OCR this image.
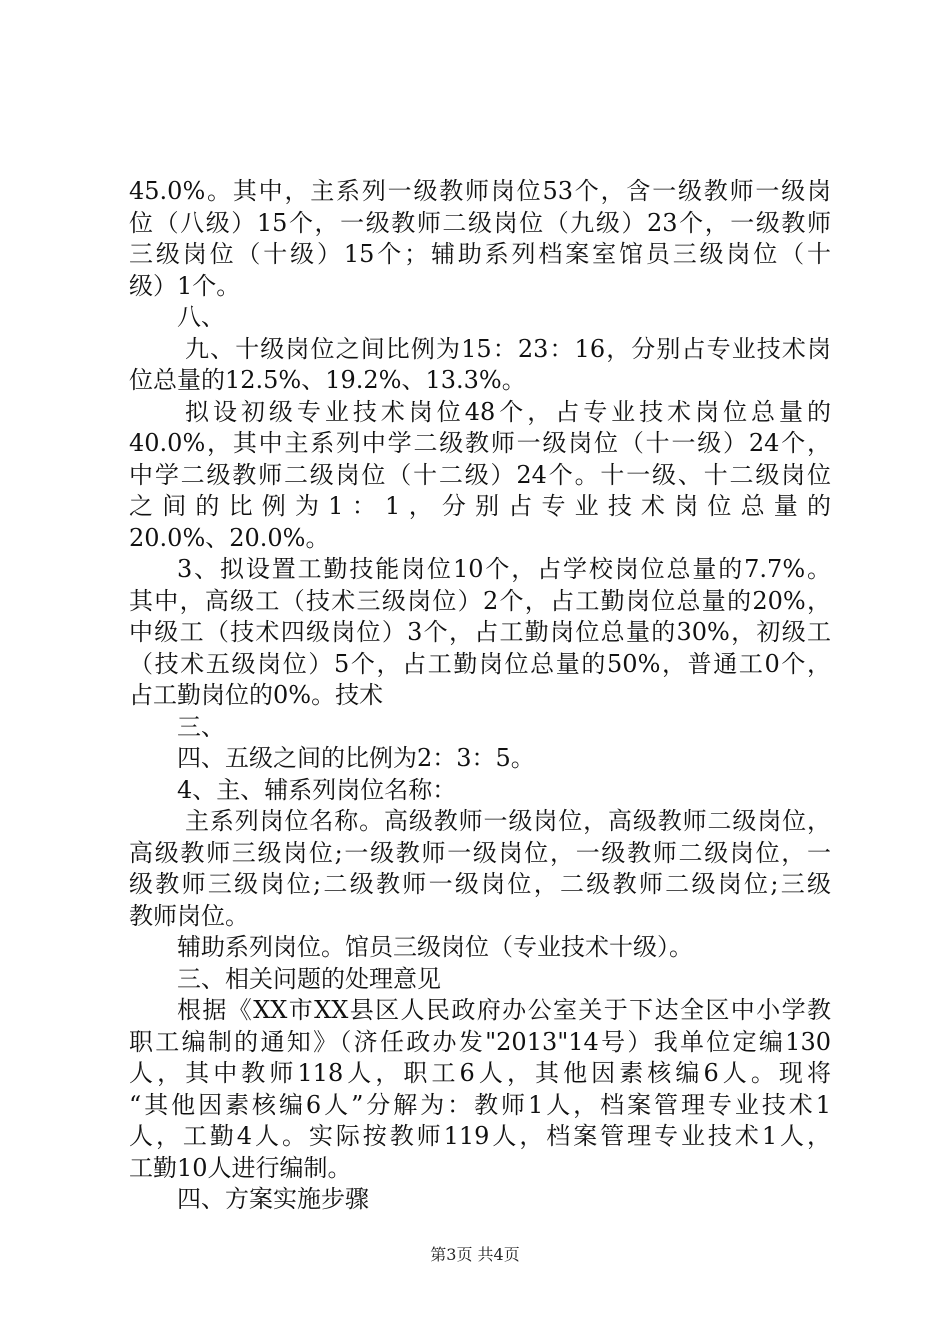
45.0%。其中，主系列一级教师岗位53个，含一级教师一级岗
位（八级）15个，一级教师二级岗位（九级）23个，一级教师
三级岗位（十级）15个；辅助系列档案室馆员三级岗位（十
级）1个。
八、
九、十级岗位之间比例为15：23：16，分别占专业技术岗
位总量的12.5%、19.2%、13.3%。
拟设初级专业技术岗位48个，占专业技术岗位总量的
40.0%，其中主系列中学二级教师一级岗位（十一级）24个，
中学二级教师二级岗位（十二级）24个。十一级、十二级岗位
之 间 的 比 例 为 1 ： 1 ， 分 别 占 专 业 技 术 岗 位 总 量 的
20.0%、20.0%。
3、拟设置工勤技能岗位10个，占学校岗位总量的7.7%。
其中，高级工（技术三级岗位）2个，占工勤岗位总量的20%，
中级工（技术四级岗位）3个，占工勤岗位总量的30%，初级工
（技术五级岗位）5个，占工勤岗位总量的50%，普通工0个，
占工勤岗位的0%。技术
三、
四、五级之间的比例为2：3：5。
4、主、辅系列岗位名称：
主系列岗位名称。高级教师一级岗位，高级教师二级岗位，
高级教师三级岗位;一级教师一级岗位，一级教师二级岗位，一
级教师三级岗位;二级教师一级岗位，二级教师二级岗位;三级
教师岗位。
辅助系列岗位。馆员三级岗位（专业技术十级）。
三、相关问题的处理意见
根据《XX市XX县区人民政府办公室关于下达全区中小学教
职工编制的通知》（济任政办发"2013"14号）我单位定编130
人，其中教师118人，职工6人，其他因素核编6人。现将
“其他因素核编6人”分解为：教师1人，档案管理专业技术1
人，工勤4人。实际按教师119人，档案管理专业技术1人，
工勤10人进行编制。
四、方案实施步骤
第3页 共4页
